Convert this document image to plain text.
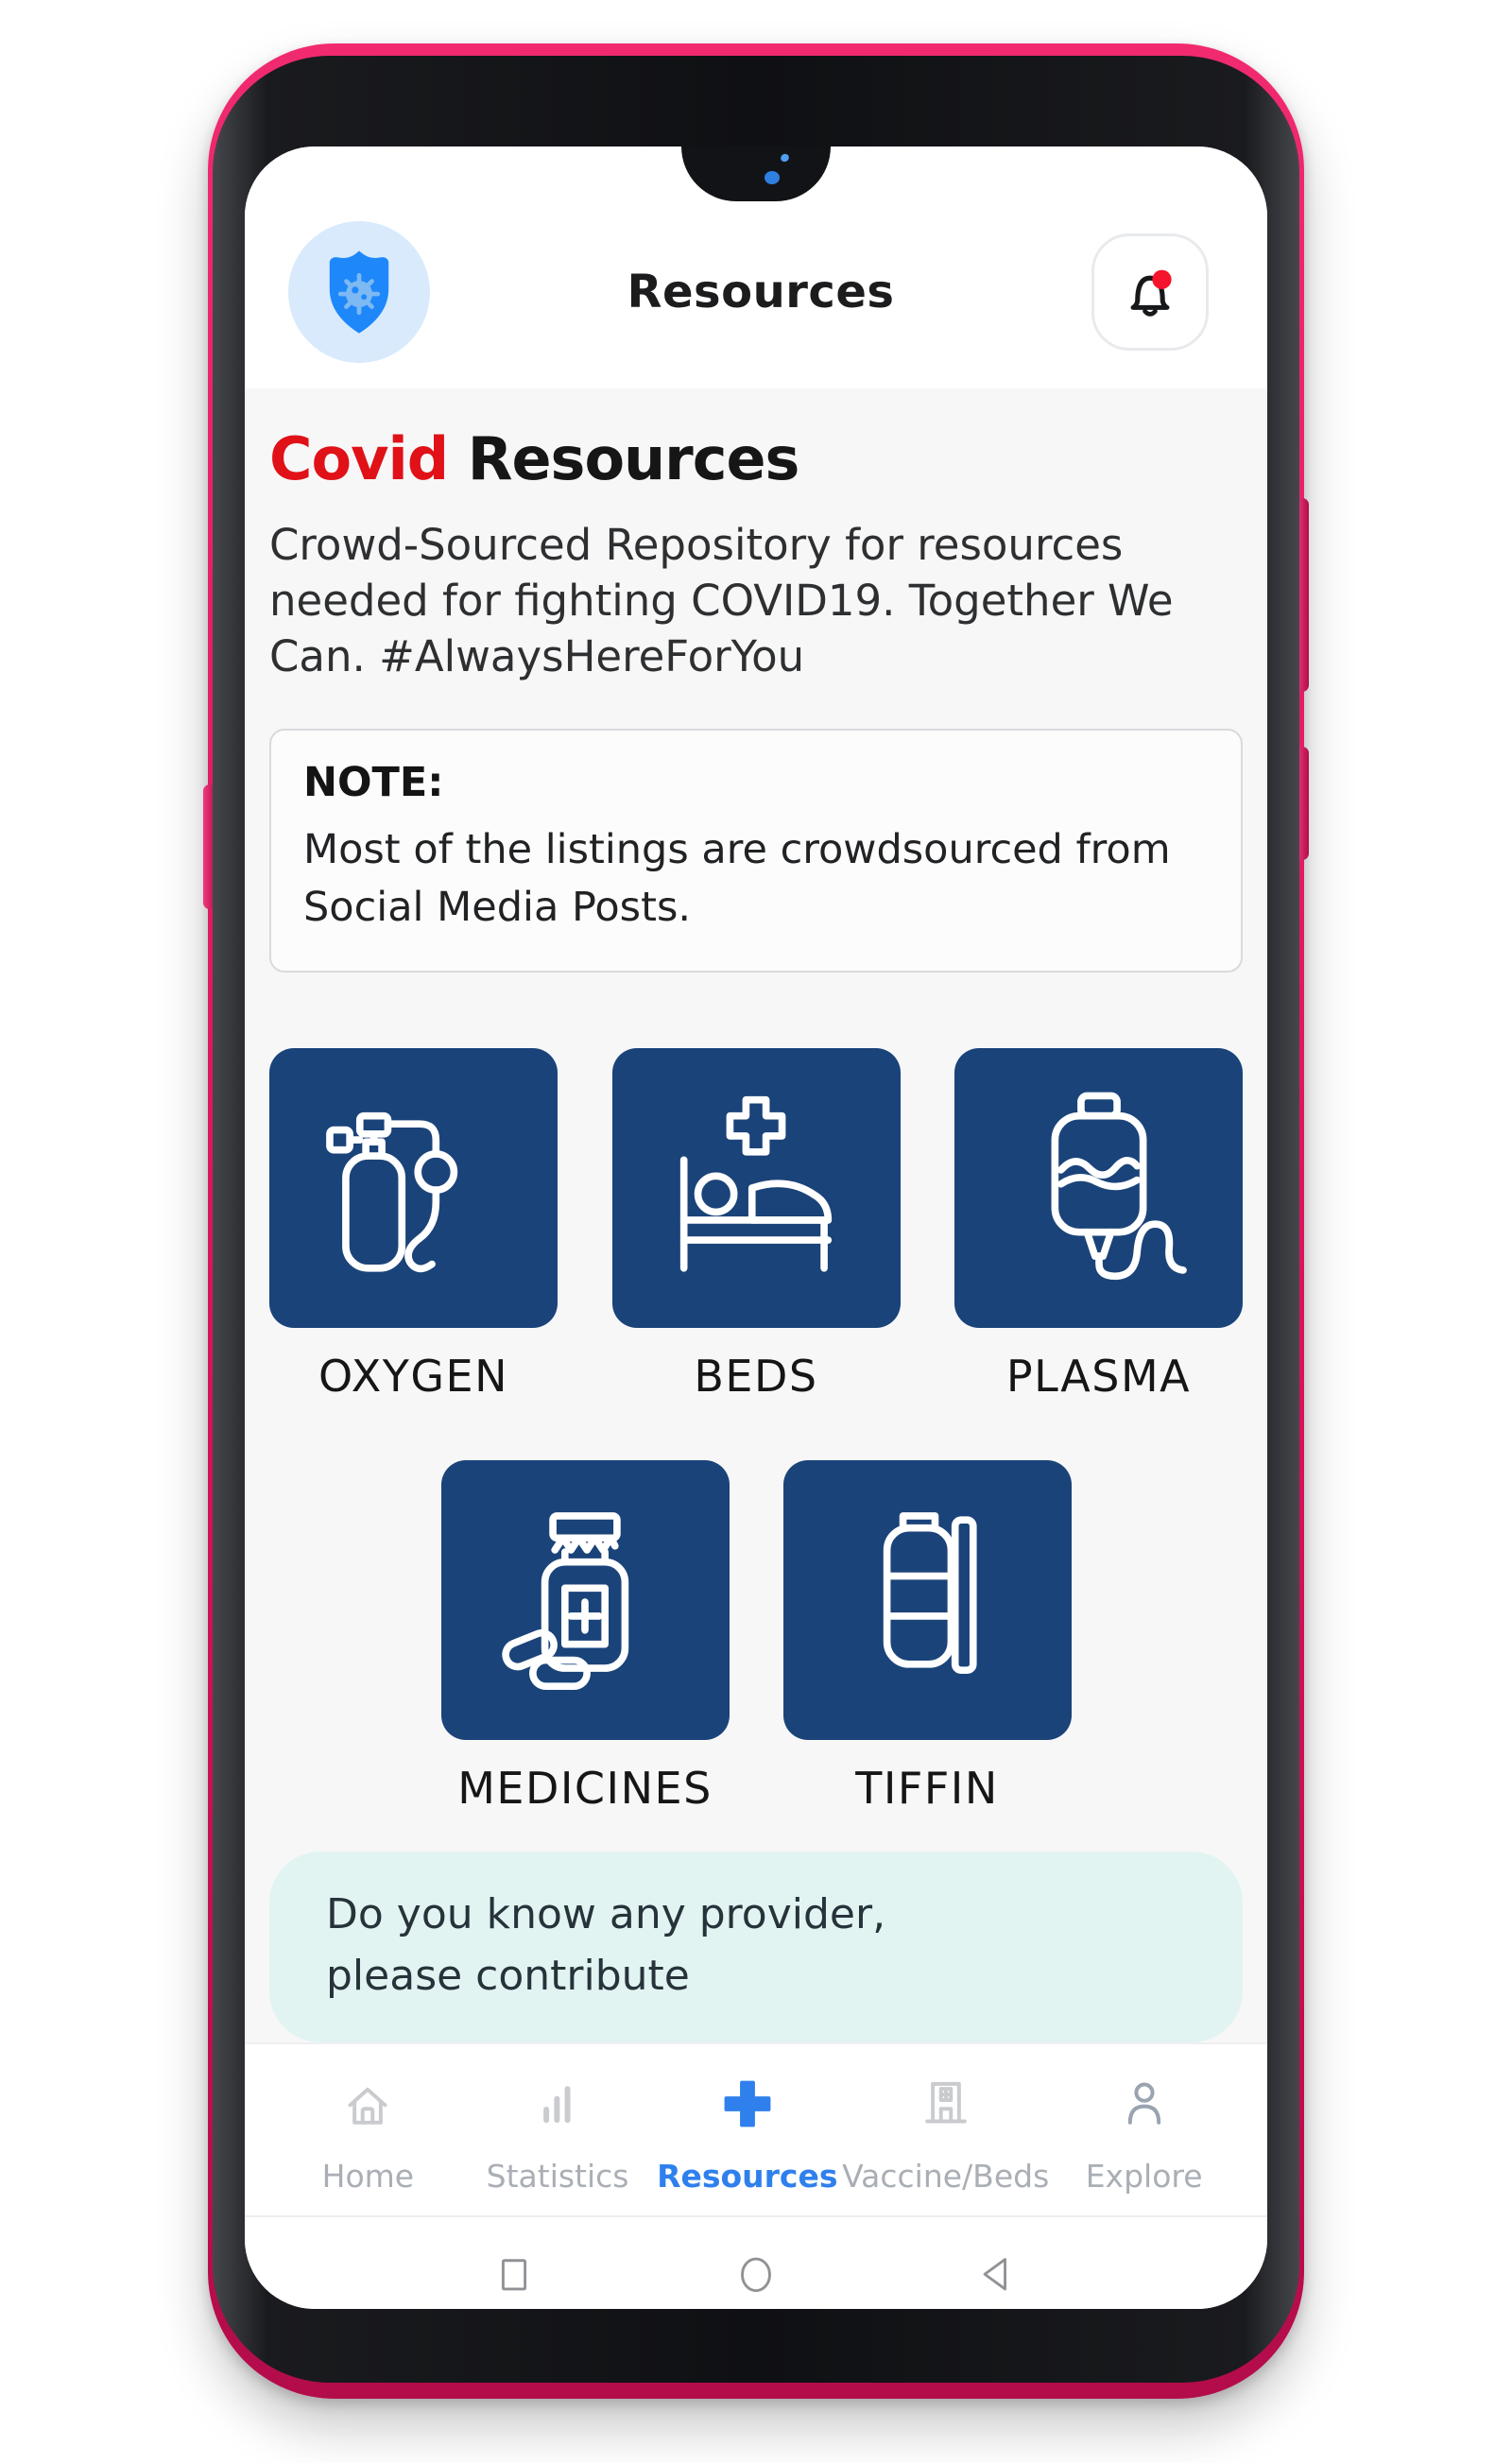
Resources
Covid Resources

Crowd-Sourced Repository for resources needed for fighting COVID19. Together We Can. #AlwaysHereForYou

NOTE:
Most of the listings are crowdsourced from Social Media Posts.
OXYGEN	BEDS	PLASMA
MEDICINES	TIFFIN
Do you know any provider,
please contribute
Home Statistics Resources Vaccine/Beds Explore
